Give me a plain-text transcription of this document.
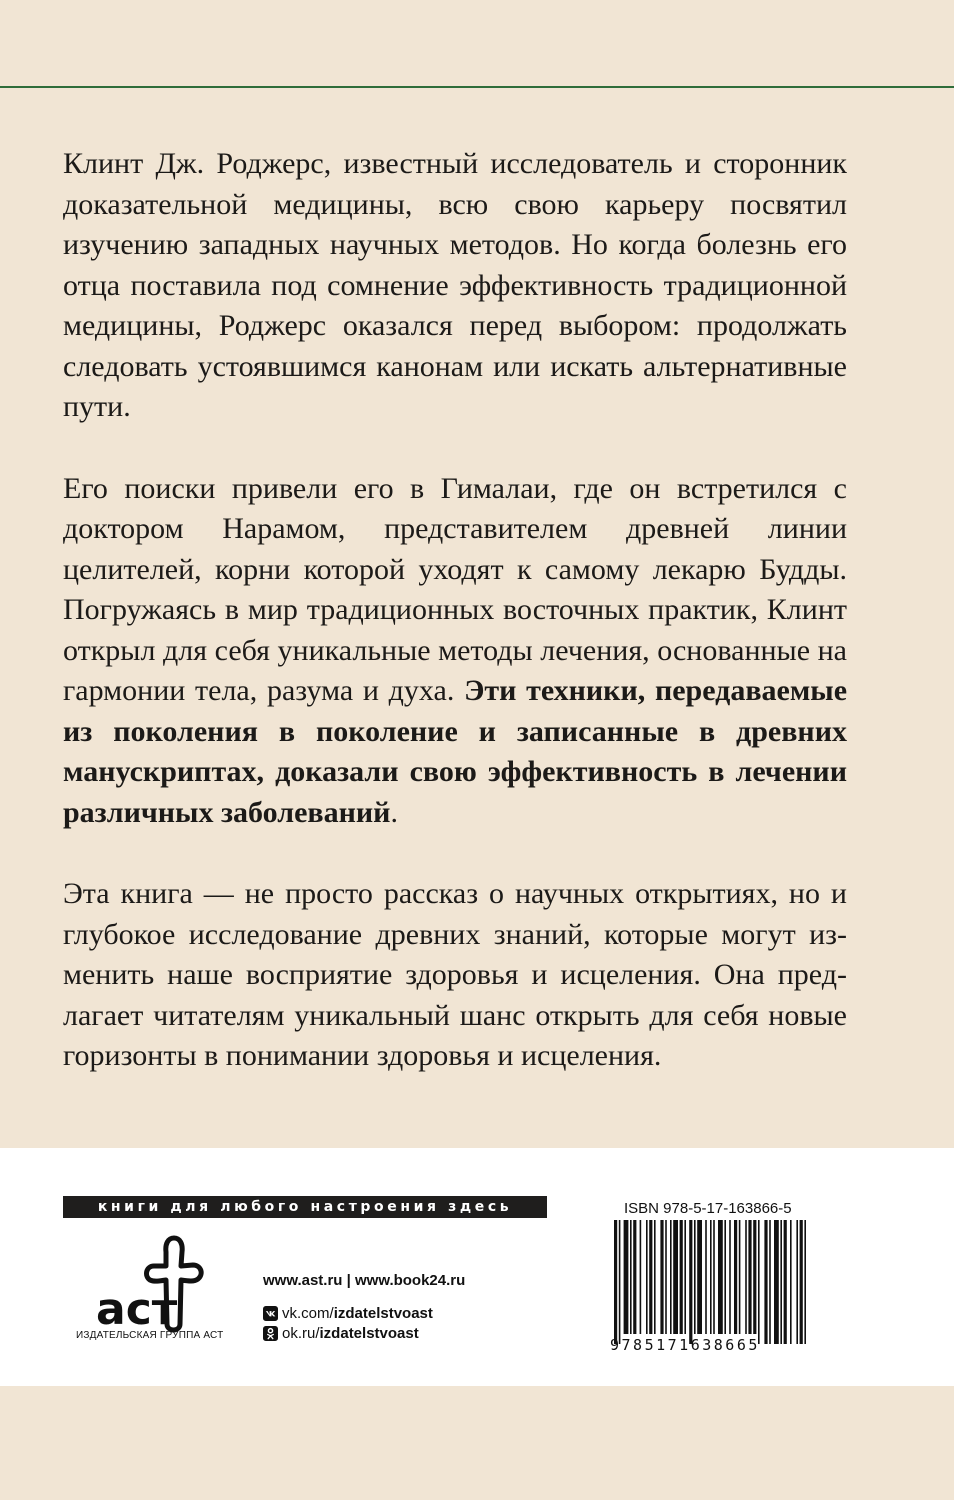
Клинт Дж. Роджерс, известный исследователь и сторонник доказательной медицины, всю свою карьеру посвятил изучению западных научных методов. Но когда болезнь его отца поставила под сомнение эффективность традиционной медицины, Роджерс оказался перед выбором: продолжать следовать устоявшимся канонам или искать альтернативные пути.

Его поиски привели его в Гималаи, где он встретился с доктором Нарамом, представителем древней линии целителей, корни которой уходят к самому лекарю Будды. Погружаясь в мир традиционных восточных практик, Клинт открыл для себя уникальные методы лечения, основанные на гармонии тела, разума и духа. Эти техники, передаваемые из поколения в поколение и записанные в древних манускриптах, доказали свою эффективность в лечении различных заболеваний.

Эта книга — не просто рассказ о научных открытиях, но и глубокое исследование древних знаний, которые могут изменить наше восприятие здоровья и исцеления. Она предлагает читателям уникальный шанс открыть для себя новые горизонты в понимании здоровья и исцеления.

книги для любого настроения здесь
аст
ИЗДАТЕЛЬСКАЯ ГРУППА АСТ
www.ast.ru | www.book24.ru
vk.com/ izdatelstvoast
ok.ru/ izdatelstvoast
ISBN 978-5-17-163866-5
9785171638665
